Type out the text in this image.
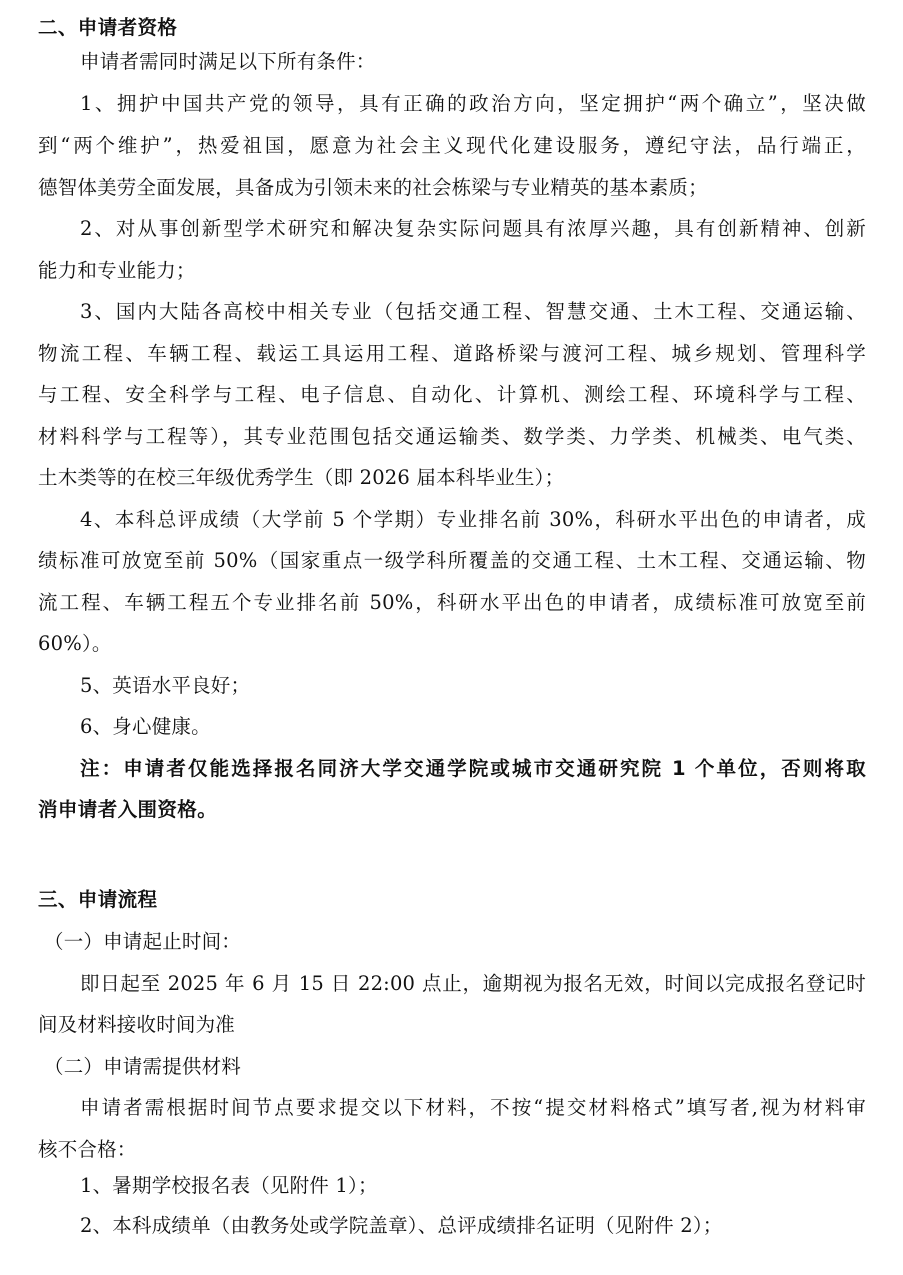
二、申请者资格
申请者需同时满足以下所有条件：
1、拥护中国共产党的领导，具有正确的政治方向，坚定拥护“两个确立”，坚决做
到“两个维护”，热爱祖国，愿意为社会主义现代化建设服务，遵纪守法，品行端正，
德智体美劳全面发展，具备成为引领未来的社会栋梁与专业精英的基本素质；
2、对从事创新型学术研究和解决复杂实际问题具有浓厚兴趣，具有创新精神、创新
能力和专业能力；
3、国内大陆各高校中相关专业（包括交通工程、智慧交通、土木工程、交通运输、
物流工程、车辆工程、载运工具运用工程、道路桥梁与渡河工程、城乡规划、管理科学
与工程、安全科学与工程、电子信息、自动化、计算机、测绘工程、环境科学与工程、
材料科学与工程等），其专业范围包括交通运输类、数学类、力学类、机械类、电气类、
土木类等的在校三年级优秀学生（即 2026 届本科毕业生）；
4、本科总评成绩（大学前 5 个学期）专业排名前 30%，科研水平出色的申请者，成
绩标准可放宽至前 50%（国家重点一级学科所覆盖的交通工程、土木工程、交通运输、物
流工程、车辆工程五个专业排名前 50%，科研水平出色的申请者，成绩标准可放宽至前
60%）。
5、英语水平良好；
6、身心健康。
注：申请者仅能选择报名同济大学交通学院或城市交通研究院 1 个单位，否则将取
消申请者入围资格。
三、申请流程
（一）申请起止时间：
即日起至 2025 年 6 月 15 日 22:00 点止，逾期视为报名无效，时间以完成报名登记时
间及材料接收时间为准
（二）申请需提供材料
申请者需根据时间节点要求提交以下材料，不按“提交材料格式”填写者,视为材料审
核不合格：
1、暑期学校报名表（见附件 1）；
2、本科成绩单（由教务处或学院盖章）、总评成绩排名证明（见附件 2）；
